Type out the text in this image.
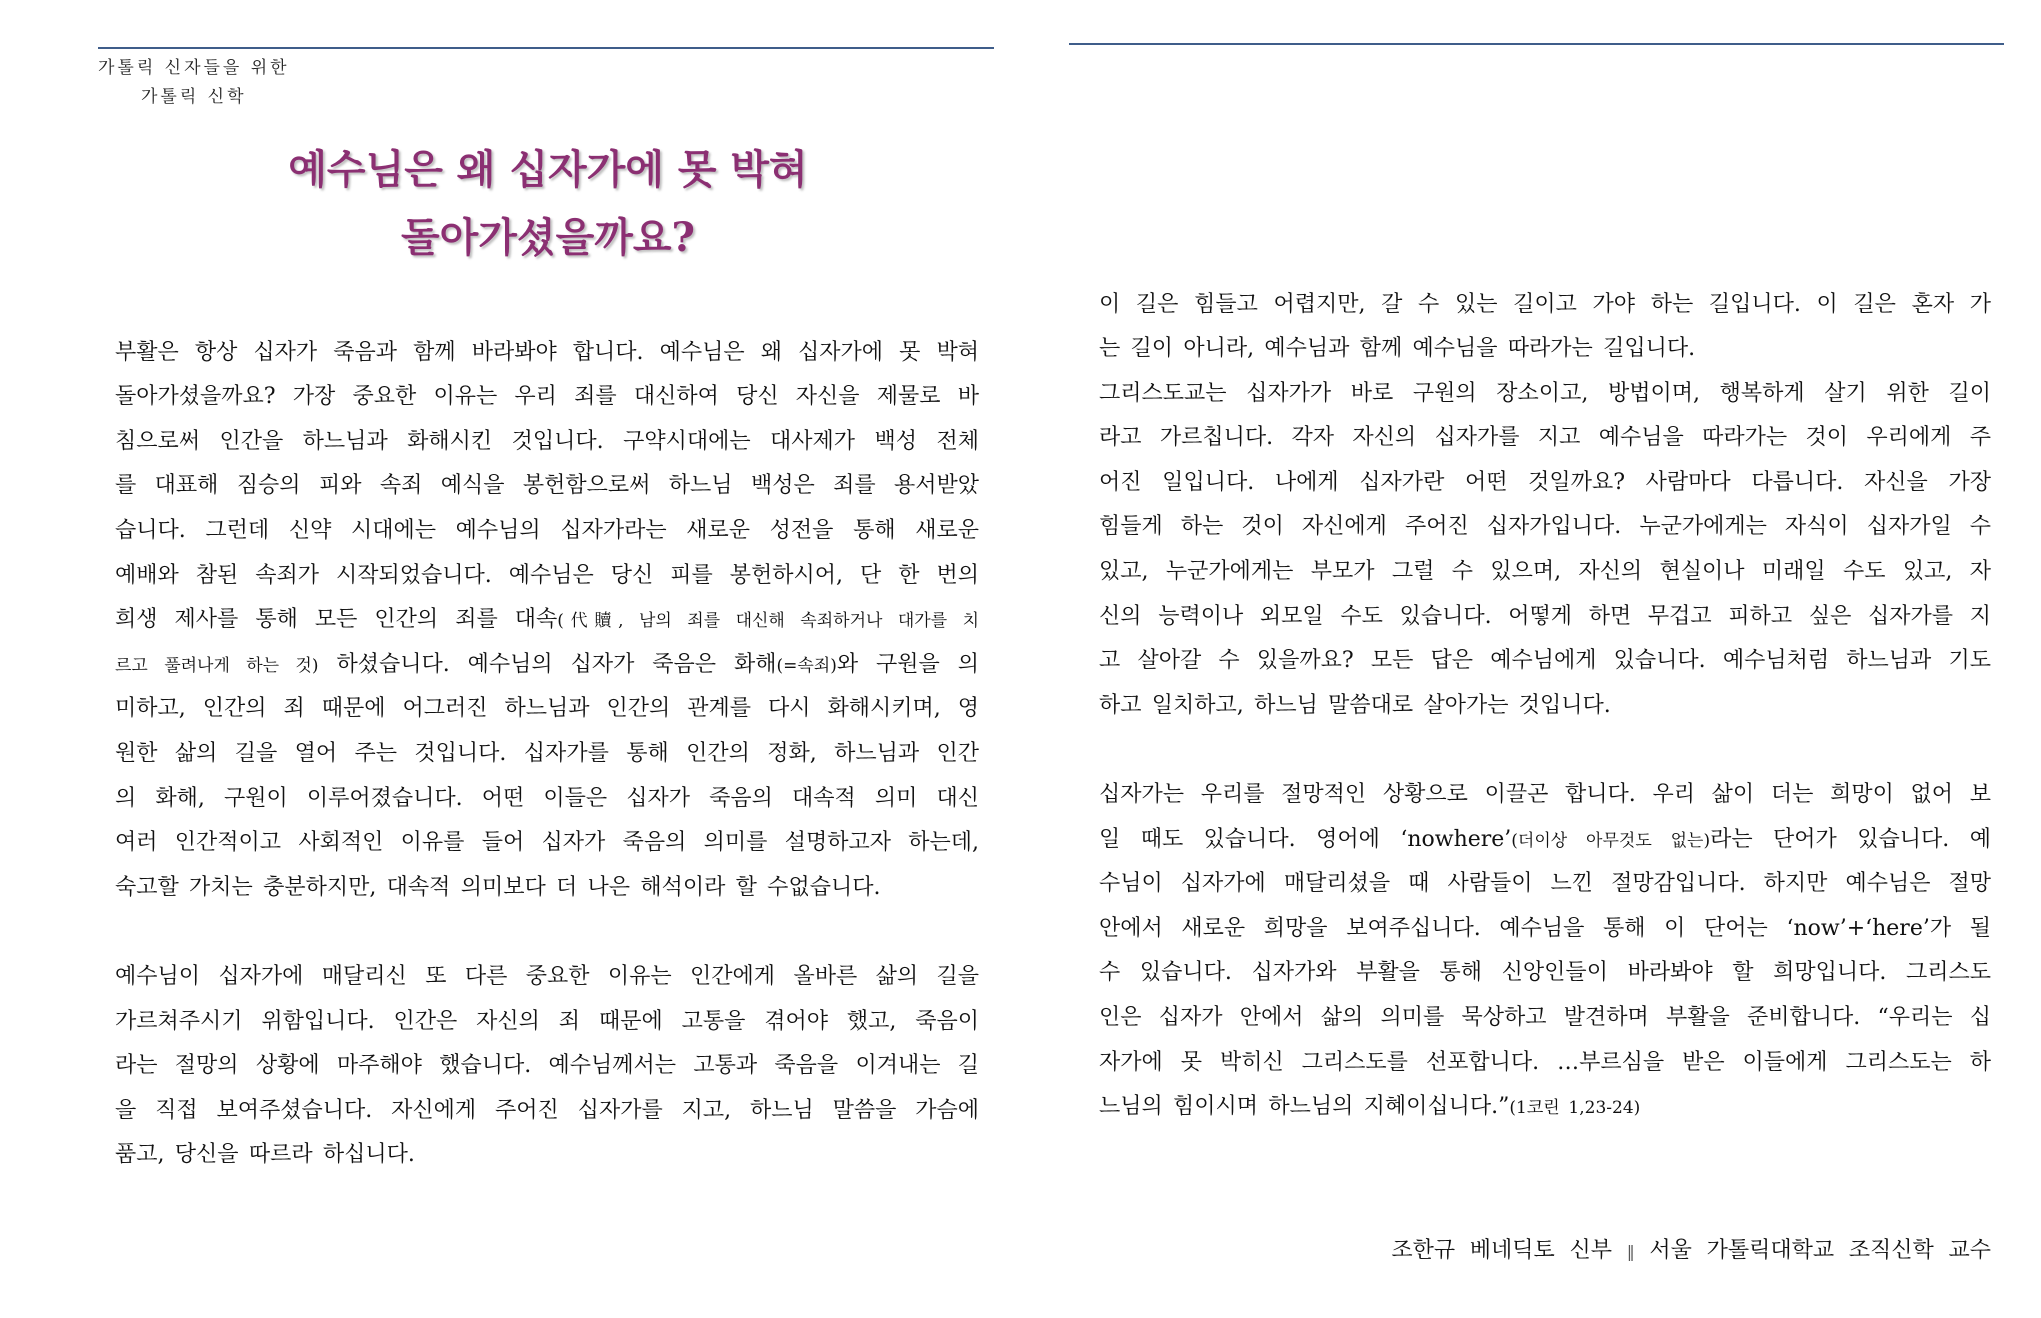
가톨릭 신자들을 위한
가톨릭 신학
예수님은 왜 십자가에 못 박혀
돌아가셨을까요?
부활은 항상 십자가 죽음과 함께 바라봐야 합니다. 예수님은 왜 십자가에 못 박혀
돌아가셨을까요? 가장 중요한 이유는 우리 죄를 대신하여 당신 자신을 제물로 바
침으로써 인간을 하느님과 화해시킨 것입니다. 구약시대에는 대사제가 백성 전체
를 대표해 짐승의 피와 속죄 예식을 봉헌함으로써 하느님 백성은 죄를 용서받았
습니다. 그런데 신약 시대에는 예수님의 십자가라는 새로운 성전을 통해 새로운
예배와 참된 속죄가 시작되었습니다. 예수님은 당신 피를 봉헌하시어, 단 한 번의
희생 제사를 통해 모든 인간의 죄를 대속(代贖, 남의 죄를 대신해 속죄하거나 대가를 치
르고 풀려나게 하는 것) 하셨습니다. 예수님의 십자가 죽음은 화해(=속죄)와 구원을 의
미하고, 인간의 죄 때문에 어그러진 하느님과 인간의 관계를 다시 화해시키며, 영
원한 삶의 길을 열어 주는 것입니다. 십자가를 통해 인간의 정화, 하느님과 인간
의 화해, 구원이 이루어졌습니다. 어떤 이들은 십자가 죽음의 대속적 의미 대신
여러 인간적이고 사회적인 이유를 들어 십자가 죽음의 의미를 설명하고자 하는데,
숙고할 가치는 충분하지만, 대속적 의미보다 더 나은 해석이라 할 수없습니다.
예수님이 십자가에 매달리신 또 다른 중요한 이유는 인간에게 올바른 삶의 길을
가르쳐주시기 위함입니다. 인간은 자신의 죄 때문에 고통을 겪어야 했고, 죽음이
라는 절망의 상황에 마주해야 했습니다. 예수님께서는 고통과 죽음을 이겨내는 길
을 직접 보여주셨습니다. 자신에게 주어진 십자가를 지고, 하느님 말씀을 가슴에
품고, 당신을 따르라 하십니다.
이 길은 힘들고 어렵지만, 갈 수 있는 길이고 가야 하는 길입니다. 이 길은 혼자 가
는 길이 아니라, 예수님과 함께 예수님을 따라가는 길입니다.
그리스도교는 십자가가 바로 구원의 장소이고, 방법이며, 행복하게 살기 위한 길이
라고 가르칩니다. 각자 자신의 십자가를 지고 예수님을 따라가는 것이 우리에게 주
어진 일입니다. 나에게 십자가란 어떤 것일까요? 사람마다 다릅니다. 자신을 가장
힘들게 하는 것이 자신에게 주어진 십자가입니다. 누군가에게는 자식이 십자가일 수
있고, 누군가에게는 부모가 그럴 수 있으며, 자신의 현실이나 미래일 수도 있고, 자
신의 능력이나 외모일 수도 있습니다. 어떻게 하면 무겁고 피하고 싶은 십자가를 지
고 살아갈 수 있을까요? 모든 답은 예수님에게 있습니다. 예수님처럼 하느님과 기도
하고 일치하고, 하느님 말씀대로 살아가는 것입니다.
십자가는 우리를 절망적인 상황으로 이끌곤 합니다. 우리 삶이 더는 희망이 없어 보
일 때도 있습니다. 영어에 ‘nowhere’(더이상 아무것도 없는)라는 단어가 있습니다. 예
수님이 십자가에 매달리셨을 때 사람들이 느낀 절망감입니다. 하지만 예수님은 절망
안에서 새로운 희망을 보여주십니다. 예수님을 통해 이 단어는 ‘now’+‘here’가 될
수 있습니다. 십자가와 부활을 통해 신앙인들이 바라봐야 할 희망입니다. 그리스도
인은 십자가 안에서 삶의 의미를 묵상하고 발견하며 부활을 준비합니다. “우리는 십
자가에 못 박히신 그리스도를 선포합니다. …부르심을 받은 이들에게 그리스도는 하
느님의 힘이시며 하느님의 지혜이십니다.”(1코린 1,23-24)
조한규 베네딕토 신부 ‖ 서울 가톨릭대학교 조직신학 교수
